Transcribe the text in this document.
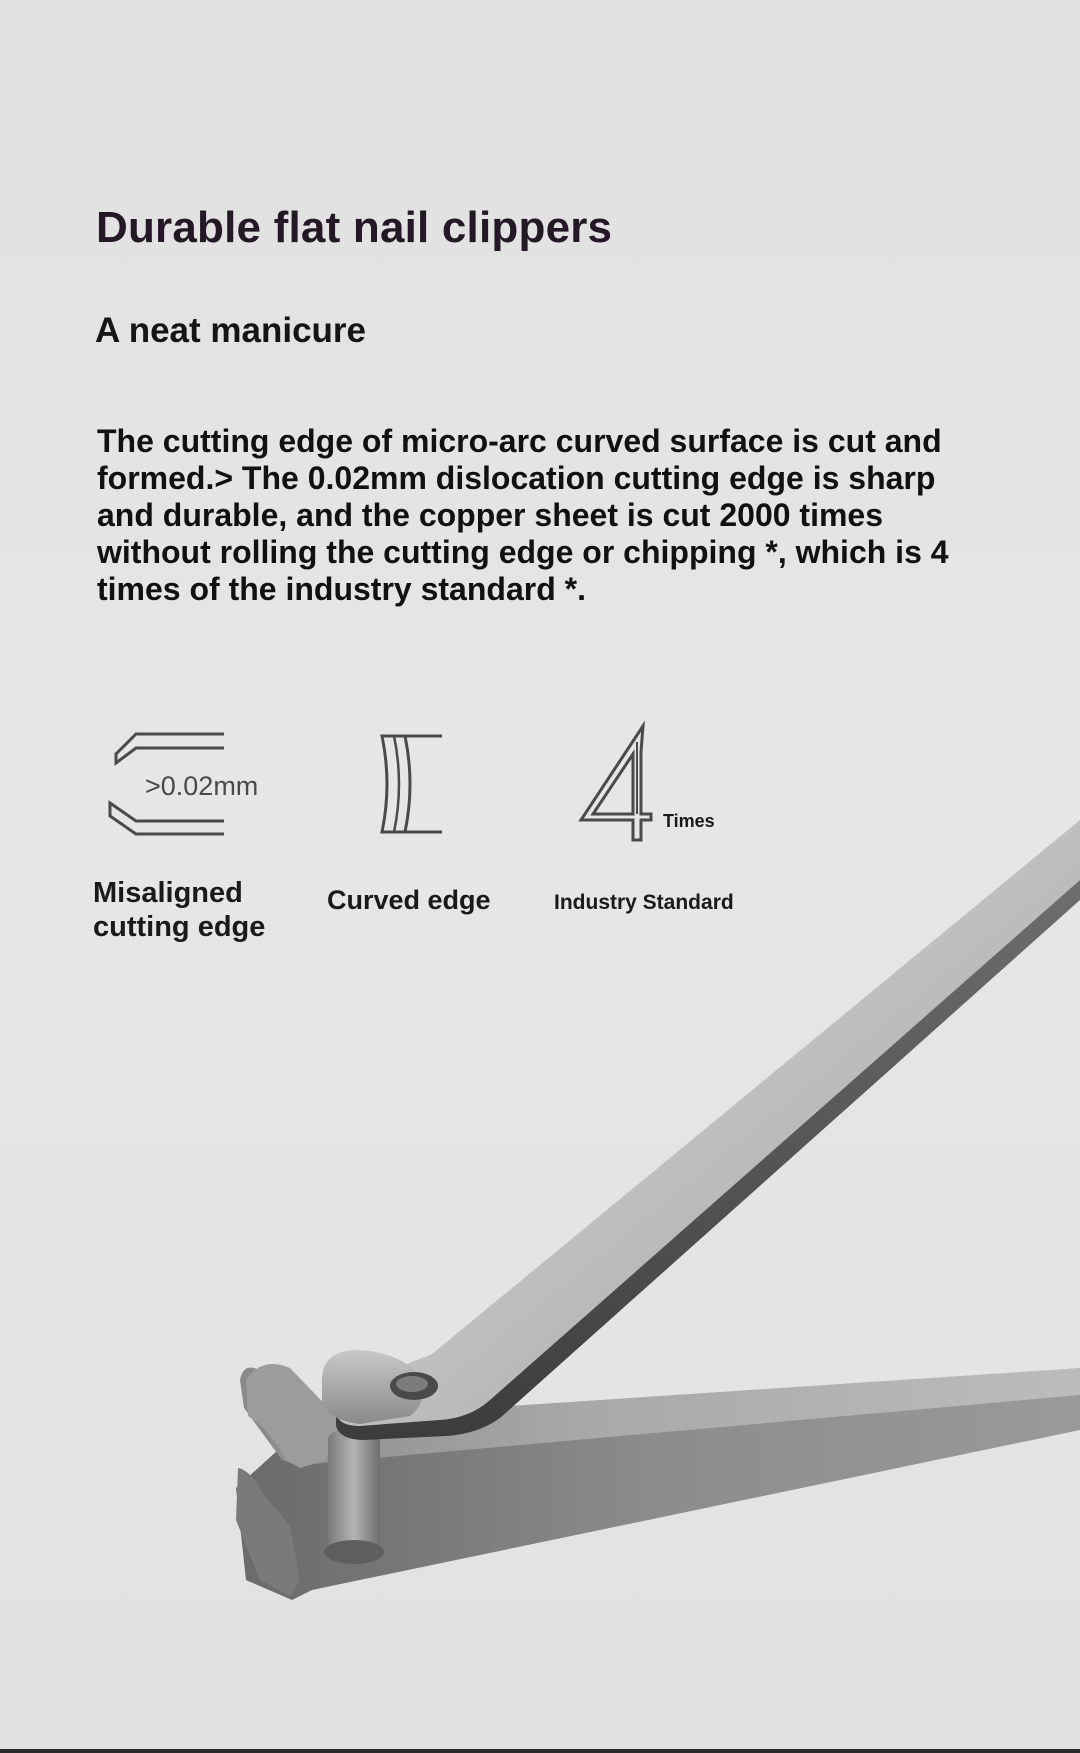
Durable flat nail clippers
A neat manicure

The cutting edge of micro-arc curved surface is cut and formed.> The 0.02mm dislocation cutting edge is sharp and durable, and the copper sheet is cut 2000 times without rolling the cutting edge or chipping *, which is 4 times of the industry standard *.

>0.02mm
Misaligned cutting edge
Curved edge
Times
Industry Standard
